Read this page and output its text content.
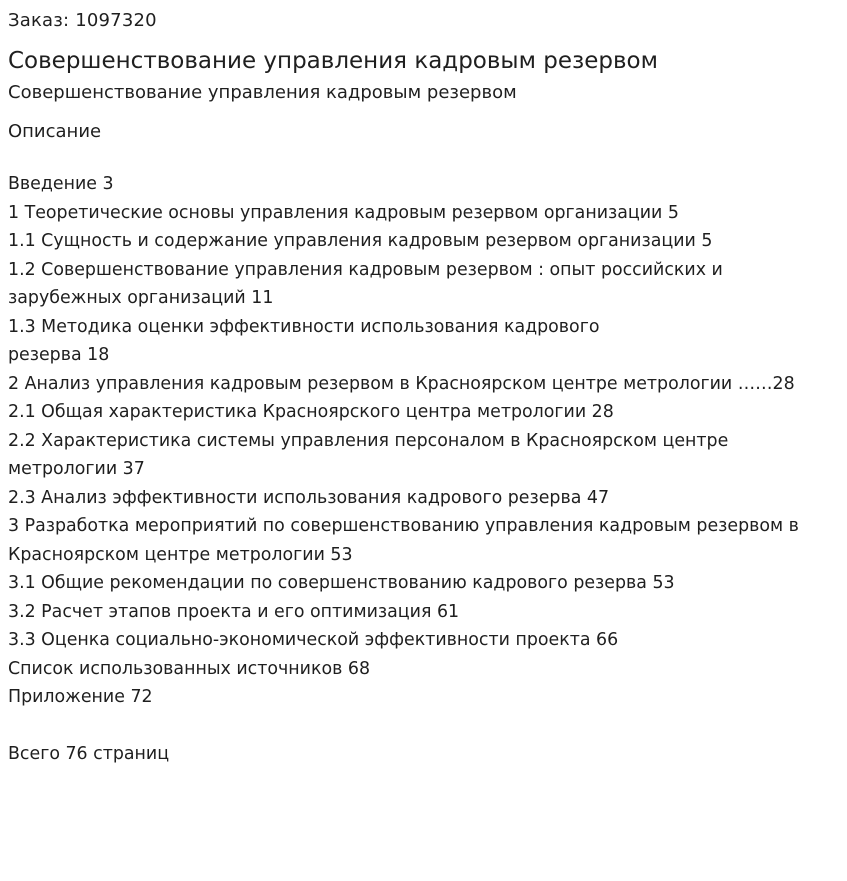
Заказ: 1097320
Совершенствование управления кадровым резервом
Совершенствование управления кадровым резервом
Описание
Введение 3
1 Теоретические основы управления кадровым резервом организации 5
1.1 Сущность и содержание управления кадровым резервом организации 5
1.2 Совершенствование управления кадровым резервом : опыт российских и зарубежных организаций 11
1.3 Методика оценки эффективности использования кадрового
резерва 18
2 Анализ управления кадровым резервом в Красноярском центре метрологии ……28
2.1 Общая характеристика Красноярского центра метрологии 28
2.2 Характеристика системы управления персоналом в Красноярском центре метрологии 37
2.3 Анализ эффективности использования кадрового резерва 47
3 Разработка мероприятий по совершенствованию управления кадровым резервом в Красноярском центре метрологии 53
3.1 Общие рекомендации по совершенствованию кадрового резерва 53
3.2 Расчет этапов проекта и его оптимизация 61
3.3 Оценка социально-экономической эффективности проекта 66
Список использованных источников 68
Приложение 72
Всего 76 страниц
